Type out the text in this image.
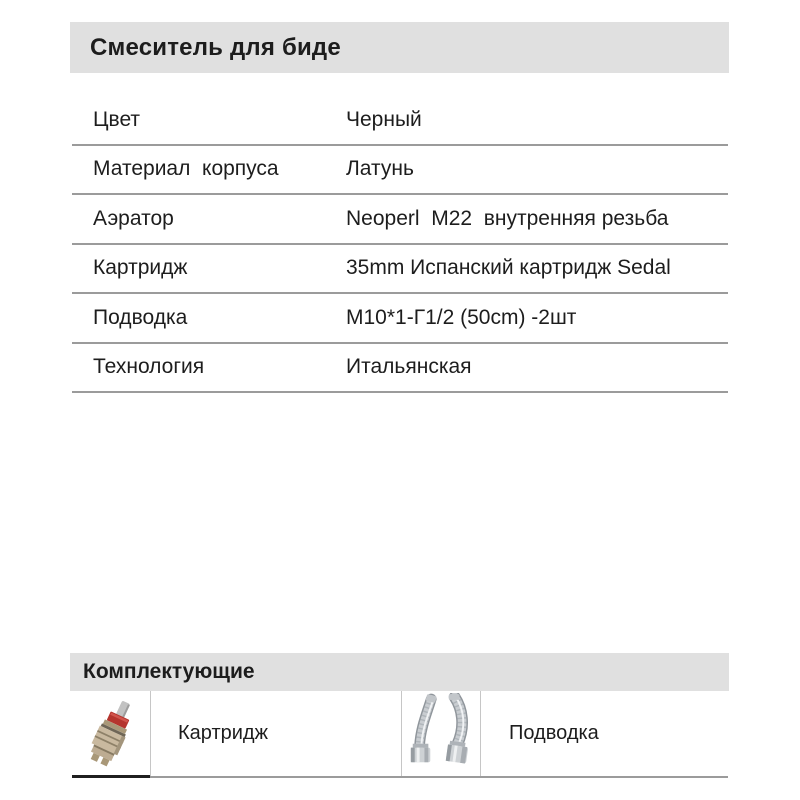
Смеситель для биде
Цвет	Черный
Материал  корпуса	Латунь
Аэратор	Neoperl  M22  внутренняя резьба
Картридж	35mm Испанский картридж Sedal
Подводка	M10*1-Г1/2 (50cm) -2шт
Технология	Итальянская
Комплектующие
Картридж	Подводка
